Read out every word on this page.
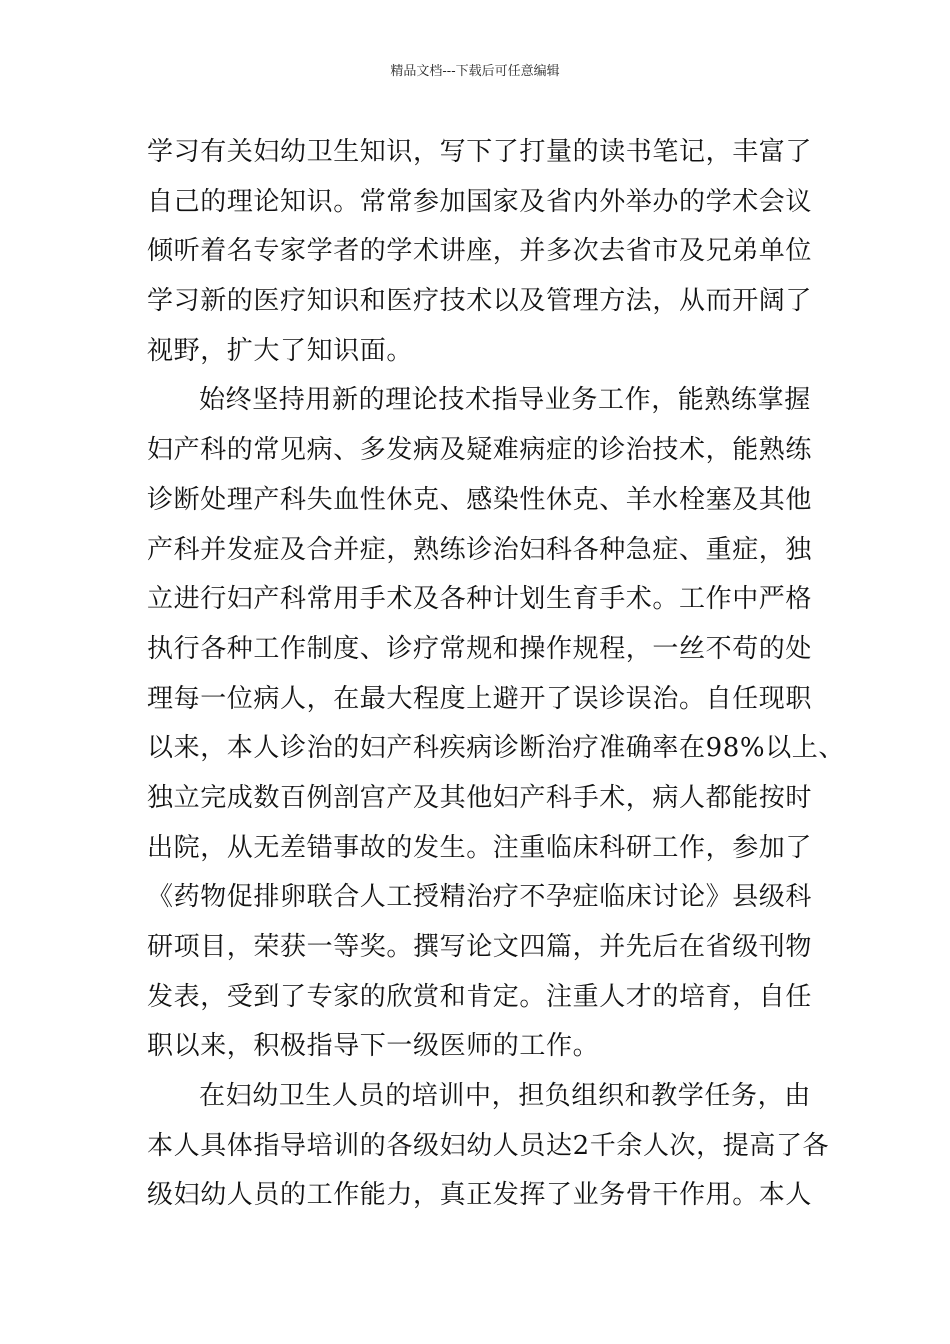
精品文档---下载后可任意编辑
学习有关妇幼卫生知识，写下了打量的读书笔记，丰富了
自己的理论知识。常常参加国家及省内外举办的学术会议
倾听着名专家学者的学术讲座，并多次去省市及兄弟单位
学习新的医疗知识和医疗技术以及管理方法，从而开阔了
视野，扩大了知识面。
始终坚持用新的理论技术指导业务工作，能熟练掌握
妇产科的常见病、多发病及疑难病症的诊治技术，能熟练
诊断处理产科失血性休克、感染性休克、羊水栓塞及其他
产科并发症及合并症，熟练诊治妇科各种急症、重症，独
立进行妇产科常用手术及各种计划生育手术。工作中严格
执行各种工作制度、诊疗常规和操作规程，一丝不苟的处
理每一位病人，在最大程度上避开了误诊误治。自任现职
以来，本人诊治的妇产科疾病诊断治疗准确率在98%以上、
独立完成数百例剖宫产及其他妇产科手术，病人都能按时
出院，从无差错事故的发生。注重临床科研工作，参加了
《药物促排卵联合人工授精治疗不孕症临床讨论》县级科
研项目，荣获一等奖。撰写论文四篇，并先后在省级刊物
发表，受到了专家的欣赏和肯定。注重人才的培育，自任
职以来，积极指导下一级医师的工作。
在妇幼卫生人员的培训中，担负组织和教学任务，由
本人具体指导培训的各级妇幼人员达2千余人次，提高了各
级妇幼人员的工作能力，真正发挥了业务骨干作用。本人
